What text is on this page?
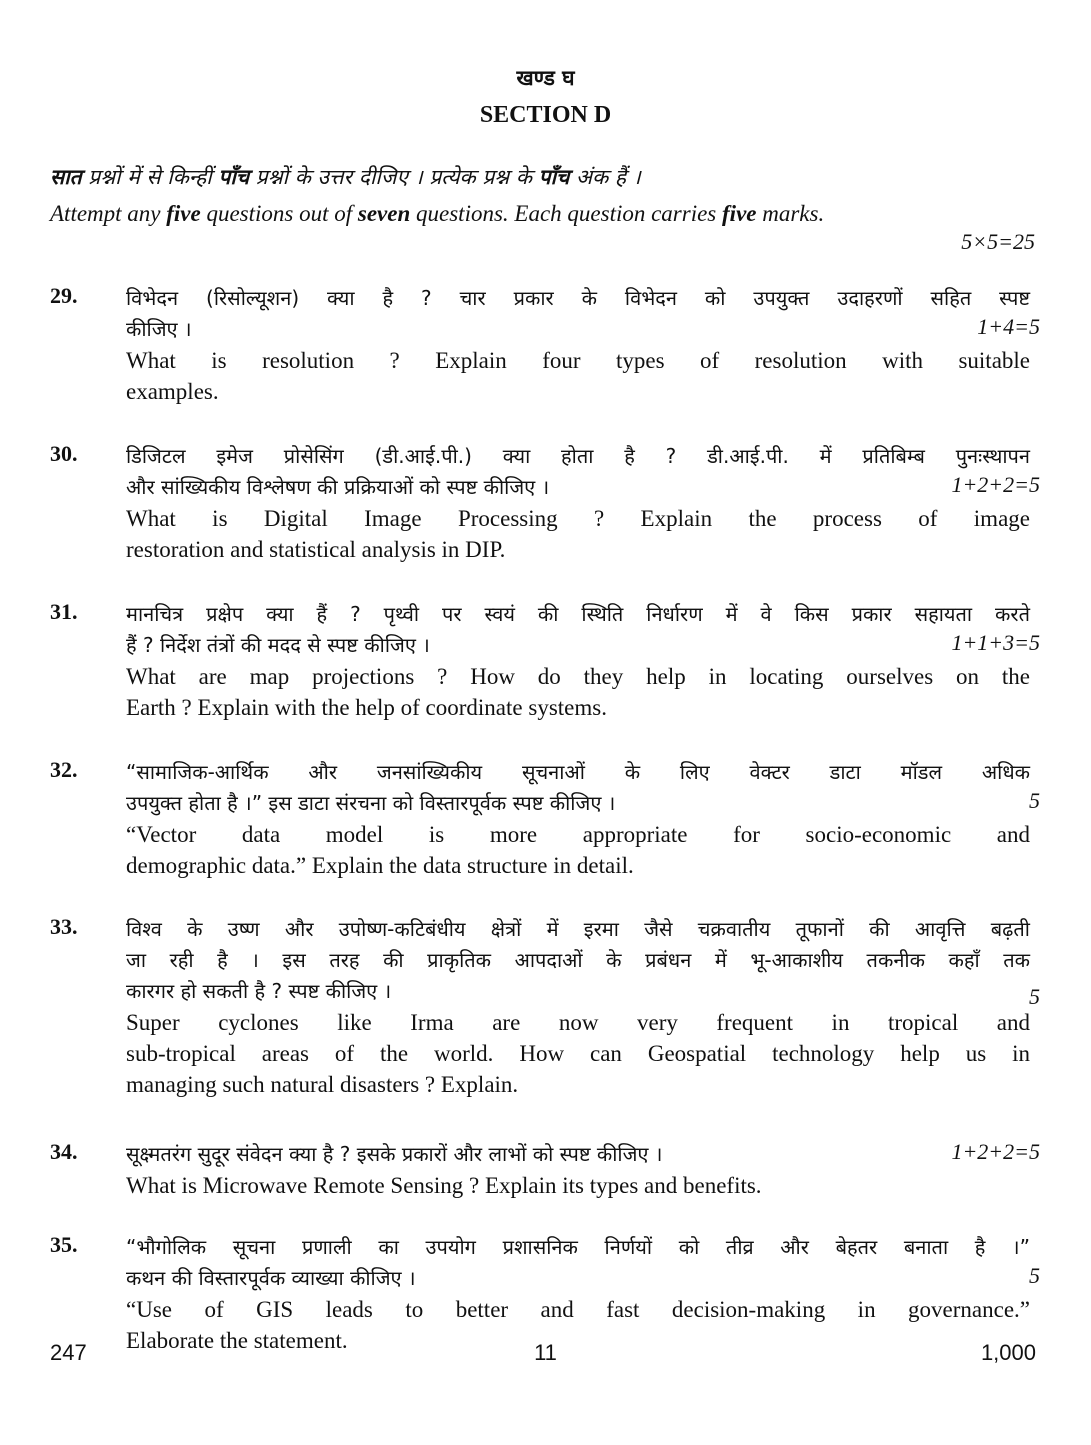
खण्ड घ
SECTION D
सात प्रश्नों में से किन्हीं पाँच प्रश्नों के उत्तर दीजिए । प्रत्येक प्रश्न के पाँच अंक हैं ।
Attempt any five questions out of seven questions. Each question carries five marks.
5×5=25
29. विभेदन (रिसोल्यूशन) क्या है ? चार प्रकार के विभेदन को उपयुक्त उदाहरणों सहित स्पष्ट
कीजिए ।
What is resolution ? Explain four types of resolution with suitable
examples.
1+4=5
30. डिजिटल इमेज प्रोसेसिंग (डी.आई.पी.) क्या होता है ? डी.आई.पी. में प्रतिबिम्ब पुनःस्थापन
और सांख्यिकीय विश्लेषण की प्रक्रियाओं को स्पष्ट कीजिए ।
What is Digital Image Processing ? Explain the process of image
restoration and statistical analysis in DIP.
1+2+2=5
31. मानचित्र प्रक्षेप क्या हैं ? पृथ्वी पर स्वयं की स्थिति निर्धारण में वे किस प्रकार सहायता करते
हैं ? निर्देश तंत्रों की मदद से स्पष्ट कीजिए ।
What are map projections ? How do they help in locating ourselves on the
Earth ? Explain with the help of coordinate systems.
1+1+3=5
32. “सामाजिक-आर्थिक और जनसांख्यिकीय सूचनाओं के लिए वेक्टर डाटा मॉडल अधिक
उपयुक्त होता है ।” इस डाटा संरचना को विस्तारपूर्वक स्पष्ट कीजिए ।
“Vector data model is more appropriate for socio-economic and
demographic data.” Explain the data structure in detail.
5
33. विश्व के उष्ण और उपोष्ण-कटिबंधीय क्षेत्रों में इरमा जैसे चक्रवातीय तूफानों की आवृत्ति बढ़ती
जा रही है । इस तरह की प्राकृतिक आपदाओं के प्रबंधन में भू-आकाशीय तकनीक कहाँ तक
कारगर हो सकती है ? स्पष्ट कीजिए ।
Super cyclones like Irma are now very frequent in tropical and
sub-tropical areas of the world. How can Geospatial technology help us in
managing such natural disasters ? Explain.
5
34. सूक्ष्मतरंग सुदूर संवेदन क्या है ? इसके प्रकारों और लाभों को स्पष्ट कीजिए ।
What is Microwave Remote Sensing ? Explain its types and benefits.
1+2+2=5
35. “भौगोलिक सूचना प्रणाली का उपयोग प्रशासनिक निर्णयों को तीव्र और बेहतर बनाता है ।”
कथन की विस्तारपूर्वक व्याख्या कीजिए ।
“Use of GIS leads to better and fast decision-making in governance.”
Elaborate the statement.
5
247	11	1,000
